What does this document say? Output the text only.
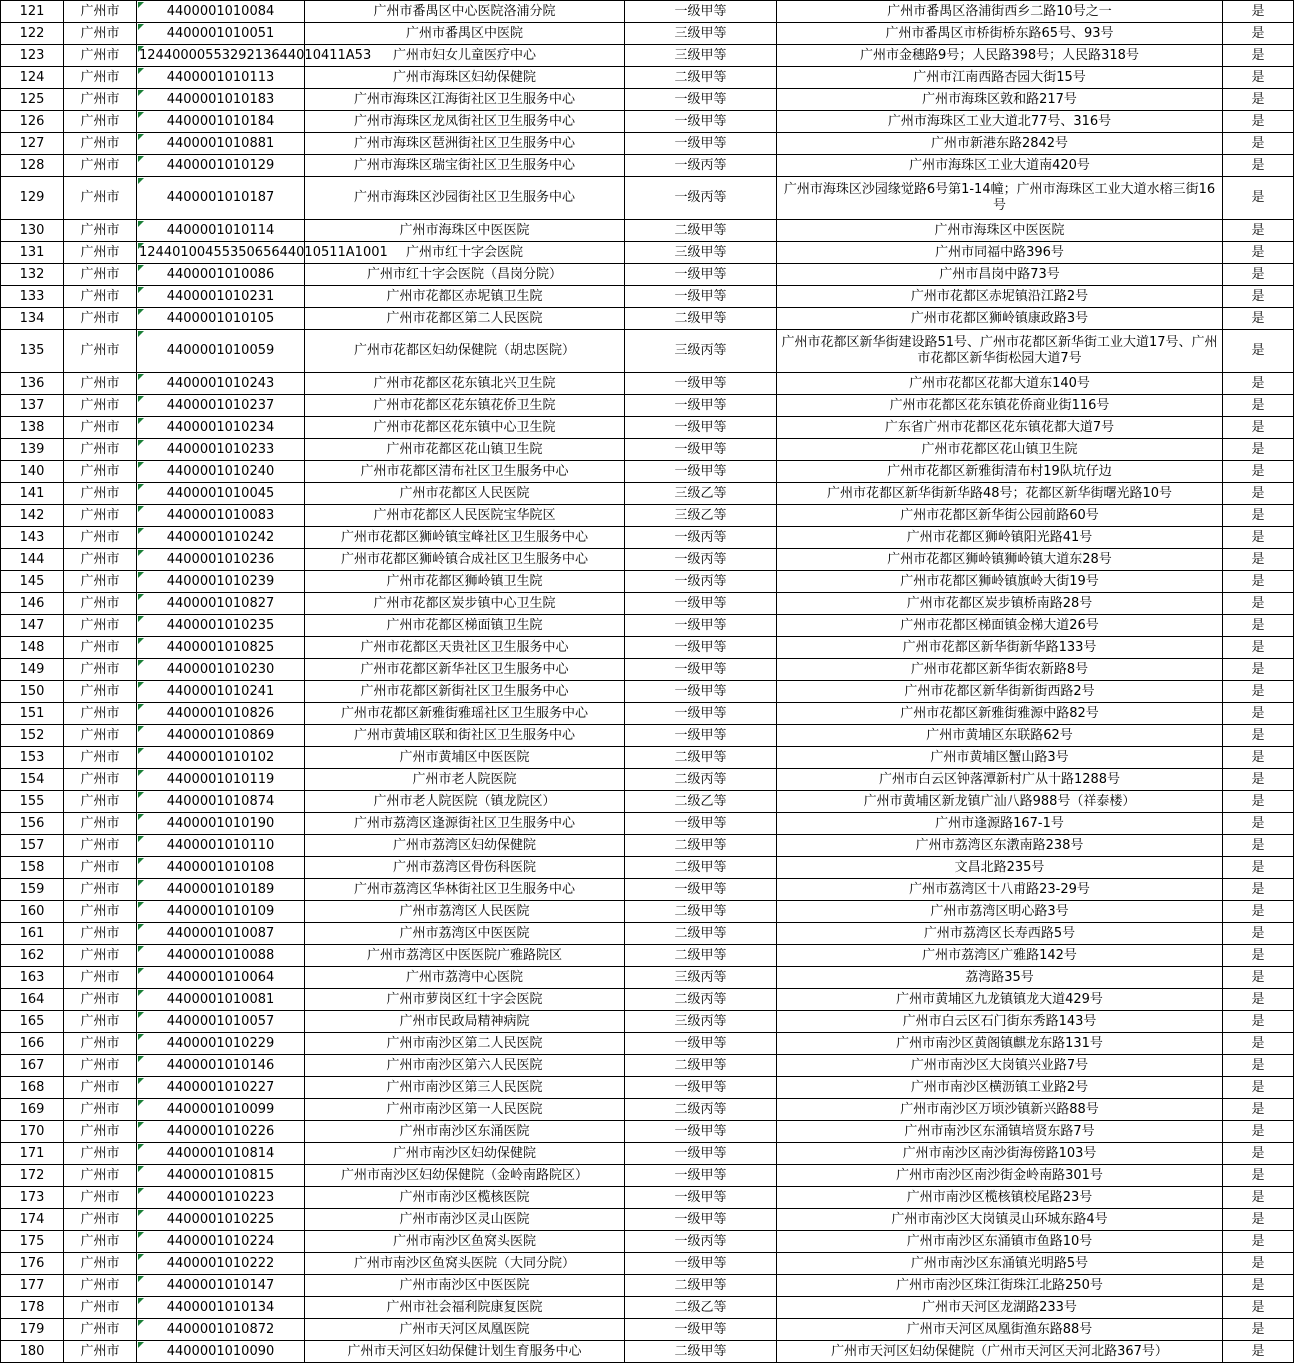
121	广州市	4400001010084	广州市番禺区中心医院洛浦分院	一级甲等	广州市番禺区洛浦街西乡二路10号之一	是
122	广州市	4400001010051	广州市番禺区中医院	三级甲等	广州市番禺区市桥街桥东路65号、93号	是
123	广州市	12440000553292136440104​11A53	广州市妇女儿童医疗中心	三级甲等	广州市金穗路9号；人民路398号；人民路318号	是
124	广州市	4400001010113	广州市海珠区妇幼保健院	二级甲等	广州市江南西路杏园大街15号	是
125	广州市	4400001010183	广州市海珠区江海街社区卫生服务中心	一级甲等	广州市海珠区敦和路217号	是
126	广州市	4400001010184	广州市海珠区龙凤街社区卫生服务中心	一级甲等	广州市海珠区工业大道北77号、316号	是
127	广州市	4400001010881	广州市海珠区琶洲街社区卫生服务中心	一级甲等	广州市新港东路2842号	是
128	广州市	4400001010129	广州市海珠区瑞宝街社区卫生服务中心	一级丙等	广州市海珠区工业大道南420号	是
129	广州市	4400001010187	广州市海珠区沙园街社区卫生服务中心	一级丙等	广州市海珠区沙园缘觉路6号第1-14幢；广州市海珠区工业大道水榕三街16号	是
130	广州市	4400001010114	广州市海珠区中医医院	二级甲等	广州市海珠区中医医院	是
131	广州市	12440100455350656440105​11A1001	广州市红十字会医院	三级甲等	广州市同福中路396号	是
132	广州市	4400001010086	广州市红十字会医院（昌岗分院）	一级甲等	广州市昌岗中路73号	是
133	广州市	4400001010231	广州市花都区赤坭镇卫生院	一级甲等	广州市花都区赤坭镇沿江路2号	是
134	广州市	4400001010105	广州市花都区第二人民医院	二级甲等	广州市花都区狮岭镇康政路3号	是
135	广州市	4400001010059	广州市花都区妇幼保健院（胡忠医院）	三级丙等	广州市花都区新华街建设路51号、广州市花都区新华街工业大道17号、广州市花都区新华街松园大道7号	是
136	广州市	4400001010243	广州市花都区花东镇北兴卫生院	一级甲等	广州市花都区花都大道东140号	是
137	广州市	4400001010237	广州市花都区花东镇花侨卫生院	一级甲等	广州市花都区花东镇花侨商业街116号	是
138	广州市	4400001010234	广州市花都区花东镇中心卫生院	一级甲等	广东省广州市花都区花东镇花都大道7号	是
139	广州市	4400001010233	广州市花都区花山镇卫生院	一级甲等	广州市花都区花山镇卫生院	是
140	广州市	4400001010240	广州市花都区清布社区卫生服务中心	一级甲等	广州市花都区新雅街清布村19队坑仔边	是
141	广州市	4400001010045	广州市花都区人民医院	三级乙等	广州市花都区新华街新华路48号；花都区新华街曙光路10号	是
142	广州市	4400001010083	广州市花都区人民医院宝华院区	三级乙等	广州市花都区新华街公园前路60号	是
143	广州市	4400001010242	广州市花都区狮岭镇宝峰社区卫生服务中心	一级丙等	广州市花都区狮岭镇阳光路41号	是
144	广州市	4400001010236	广州市花都区狮岭镇合成社区卫生服务中心	一级丙等	广州市花都区狮岭镇狮岭镇大道东28号	是
145	广州市	4400001010239	广州市花都区狮岭镇卫生院	一级丙等	广州市花都区狮岭镇旗岭大街19号	是
146	广州市	4400001010827	广州市花都区炭步镇中心卫生院	一级甲等	广州市花都区炭步镇桥南路28号	是
147	广州市	4400001010235	广州市花都区梯面镇卫生院	一级甲等	广州市花都区梯面镇金梯大道26号	是
148	广州市	4400001010825	广州市花都区天贵社区卫生服务中心	一级甲等	广州市花都区新华街新华路133号	是
149	广州市	4400001010230	广州市花都区新华社区卫生服务中心	一级甲等	广州市花都区新华街农新路8号	是
150	广州市	4400001010241	广州市花都区新街社区卫生服务中心	一级甲等	广州市花都区新华街新街西路2号	是
151	广州市	4400001010826	广州市花都区新雅街雅瑶社区卫生服务中心	一级甲等	广州市花都区新雅街雅源中路82号	是
152	广州市	4400001010869	广州市黄埔区联和街社区卫生服务中心	一级甲等	广州市黄埔区东联路62号	是
153	广州市	4400001010102	广州市黄埔区中医医院	二级甲等	广州市黄埔区蟹山路3号	是
154	广州市	4400001010119	广州市老人院医院	二级丙等	广州市白云区钟落潭新村广从十路1288号	是
155	广州市	4400001010874	广州市老人院医院（镇龙院区）	二级乙等	广州市黄埔区新龙镇广汕八路988号（祥泰楼）	是
156	广州市	4400001010190	广州市荔湾区逢源街社区卫生服务中心	一级甲等	广州市逢源路167-1号	是
157	广州市	4400001010110	广州市荔湾区妇幼保健院	二级甲等	广州市荔湾区东漖南路238号	是
158	广州市	4400001010108	广州市荔湾区骨伤科医院	二级甲等	文昌北路235号	是
159	广州市	4400001010189	广州市荔湾区华林街社区卫生服务中心	一级甲等	广州市荔湾区十八甫路23-29号	是
160	广州市	4400001010109	广州市荔湾区人民医院	二级甲等	广州市荔湾区明心路3号	是
161	广州市	4400001010087	广州市荔湾区中医医院	二级甲等	广州市荔湾区长寿西路5号	是
162	广州市	4400001010088	广州市荔湾区中医医院广雅路院区	二级甲等	广州市荔湾区广雅路142号	是
163	广州市	4400001010064	广州市荔湾中心医院	三级丙等	荔湾路35号	是
164	广州市	4400001010081	广州市萝岗区红十字会医院	二级丙等	广州市黄埔区九龙镇镇龙大道429号	是
165	广州市	4400001010057	广州市民政局精神病院	三级丙等	广州市白云区石门街东秀路143号	是
166	广州市	4400001010229	广州市南沙区第二人民医院	一级甲等	广州市南沙区黄阁镇麒龙东路131号	是
167	广州市	4400001010146	广州市南沙区第六人民医院	二级甲等	广州市南沙区大岗镇兴业路7号	是
168	广州市	4400001010227	广州市南沙区第三人民医院	一级甲等	广州市南沙区横沥镇工业路2号	是
169	广州市	4400001010099	广州市南沙区第一人民医院	二级丙等	广州市南沙区万顷沙镇新兴路88号	是
170	广州市	4400001010226	广州市南沙区东涌医院	一级甲等	广州市南沙区东涌镇培贤东路7号	是
171	广州市	4400001010814	广州市南沙区妇幼保健院	一级甲等	广州市南沙区南沙街海傍路103号	是
172	广州市	4400001010815	广州市南沙区妇幼保健院（金岭南路院区）	一级甲等	广州市南沙区南沙街金岭南路301号	是
173	广州市	4400001010223	广州市南沙区榄核医院	一级甲等	广州市南沙区榄核镇校尾路23号	是
174	广州市	4400001010225	广州市南沙区灵山医院	一级甲等	广州市南沙区大岗镇灵山环城东路4号	是
175	广州市	4400001010224	广州市南沙区鱼窝头医院	一级丙等	广州市南沙区东涌镇市鱼路10号	是
176	广州市	4400001010222	广州市南沙区鱼窝头医院（大同分院）	一级甲等	广州市南沙区东涌镇光明路5号	是
177	广州市	4400001010147	广州市南沙区中医医院	二级甲等	广州市南沙区珠江街珠江北路250号	是
178	广州市	4400001010134	广州市社会福利院康复医院	二级乙等	广州市天河区龙湖路233号	是
179	广州市	4400001010872	广州市天河区凤凰医院	一级甲等	广州市天河区凤凰街渔东路88号	是
180	广州市	4400001010090	广州市天河区妇幼保健计划生育服务中心	二级甲等	广州市天河区妇幼保健院（广州市天河区天河北路367号）	是
